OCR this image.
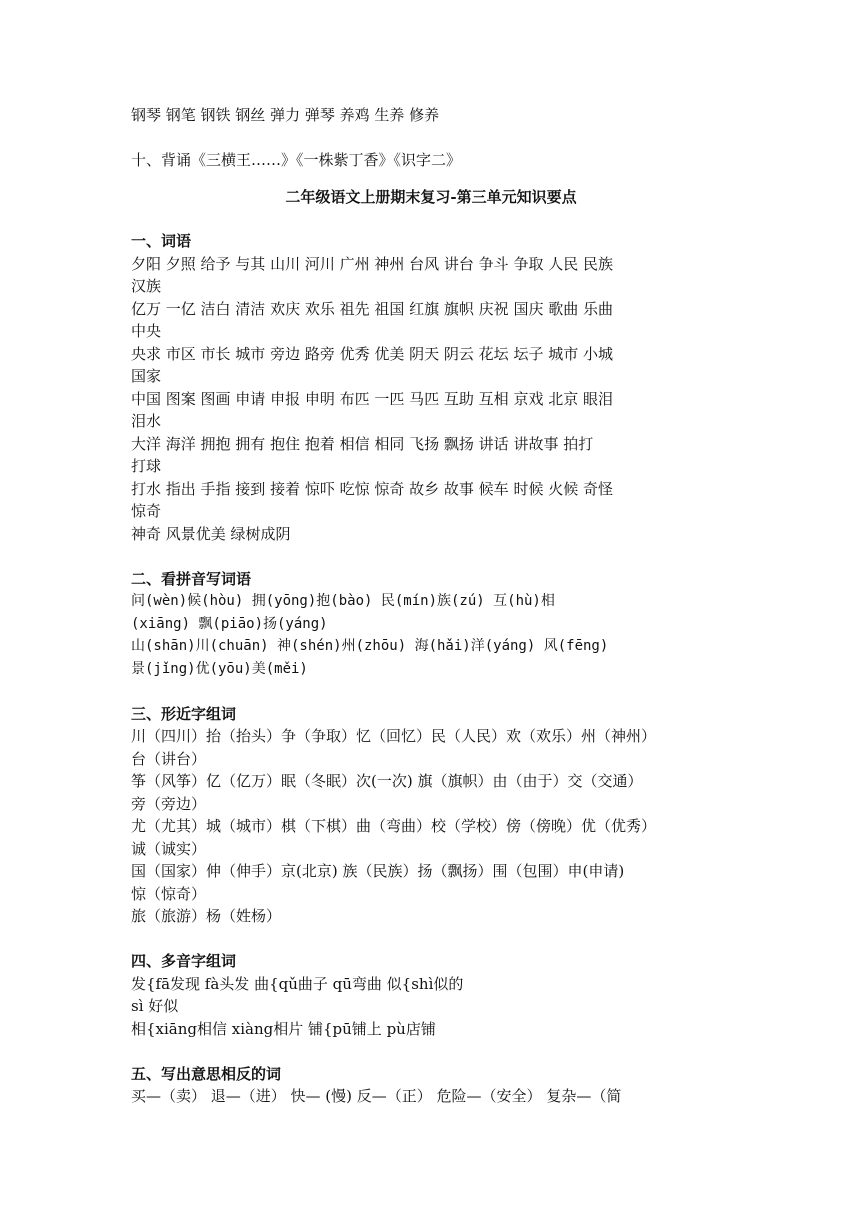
钢琴 钢笔 钢铁 钢丝 弹力 弹琴 养鸡 生养 修养
十、背诵《三横王……》《一株紫丁香》《识字二》
二年级语文上册期末复习-第三单元知识要点
一、词语
夕阳 夕照 给予 与其 山川 河川 广州 神州 台风 讲台 争斗 争取 人民 民族
汉族
亿万 一亿 洁白 清洁 欢庆 欢乐 祖先 祖国 红旗 旗帜 庆祝 国庆 歌曲 乐曲
中央
央求 市区 市长 城市 旁边 路旁 优秀 优美 阴天 阴云 花坛 坛子 城市 小城
国家
中国 图案 图画 申请 申报 申明 布匹 一匹 马匹 互助 互相 京戏 北京 眼泪
泪水
大洋 海洋 拥抱 拥有 抱住 抱着 相信 相同 飞扬 飘扬 讲话 讲故事 拍打
打球
打水 指出 手指 接到 接着 惊吓 吃惊 惊奇 故乡 故事 候车 时候 火候 奇怪
惊奇
神奇 风景优美 绿树成阴
二、看拼音写词语
问(wèn)候(hòu) 拥(yōng)抱(bào) 民(mín)族(zú) 互(hù)相
(xiāng) 飘(piāo)扬(yáng)
山(shān)川(chuān) 神(shén)州(zhōu) 海(hǎi)洋(yáng) 风(fēng)
景(jǐng)优(yōu)美(měi)
三、形近字组词
川（四川）抬（抬头）争（争取）忆（回忆）民（人民）欢（欢乐）州（神州）
台（讲台）
筝（风筝）亿（亿万）眠（冬眠）次(一次) 旗（旗帜）由（由于）交（交通）
旁（旁边）
尤（尤其）城（城市）棋（下棋）曲（弯曲）校（学校）傍（傍晚）优（优秀）
诚（诚实）
国（国家）伸（伸手）京(北京) 族（民族）扬（飘扬）围（包围）申(申请)
惊（惊奇）
旅（旅游）杨（姓杨）
四、多音字组词
发{fā发现 fà头发 曲{qǔ曲子 qū弯曲 似{shì似的
sì 好似
相{xiāng相信 xiàng相片 铺{pū铺上 pù店铺
五、写出意思相反的词
买—（卖） 退—（进） 快— (慢) 反—（正） 危险—（安全） 复杂—（简
